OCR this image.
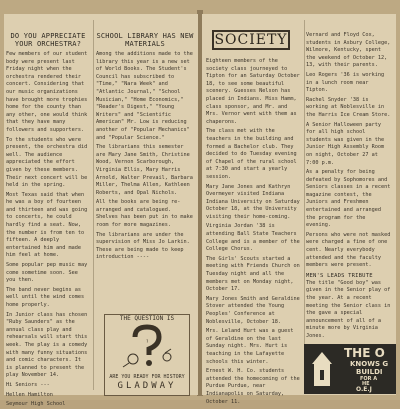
DO YOU APPRECIATE YOUR ORCHESTRA?

Few members of our student body were present last Friday night when the orchestra rendered their concert. Considering that our music organizations have brought more trophies home for the county than any other, one would think that they have many followers and supporters.

To the students who were present, the orchestra did well. The audience appreciated the effort given by these members. Their next concert will be held in the spring.

Most Texas said that when he was a boy of fourteen and thirteen and was going to concerts, he could hardly find a seat. Now, the number is from ten to fifteen. A deeply entertained him and made him feel at home.

Some popular pep music may come sometime soon. See you then.

The band never begins as well until the wind comes home properly.

In Junior class has chosen "Ruby Saunders" as the annual class play and rehearsals will start this week. The play is a comedy with many funny situations and comic characters. It is planned to present the play November 14.

Hi Seniors ---

Hellen Hamilton

Seymour High School

SCHOOL LIBRARY HAS NEW MATERIALS

Among the additions made to the library this year is a new set of World Books. The Student's Council has subscribed to "Time," "Nara Week" and "Atlantic Journal," "School Musician," "Home Economics," "Reader's Digest," "Young Writers" and "Scientific American" Mr. Low is reducing another of "Popular Mechanics" and "Popular Science."

The librarians this semester are Mary Jane Smith, Christine Wood, Vernon Scarborough, Virginia Ellis, Mary Harris Arnold, Walter Prevail, Barbara Miller, Thelma Allen, Kathleen Roberts, and Opal Nichols.

All the books are being re-arranged and catalogued. Shelves has been put in to make room for more magazines.

The librarians are under the supervision of Miss Jo Larkin. These are being made to keep introduction ----

THE QUESTION IS
?
ARE YOU READY FOR HISTORY
GLADWAY
SOCIETY

Eighteen members of the society class journeyed to Tipton for an Saturday October 18, to see some beautiful scenery. Guesses Nelson has placed in Indians. Miss Hamm, class sponsor, and Mr. and Mrs. Vernor went with them as chaperons.

The class met with the teachers in the building and formed a Bachelor club. They decided to do Tuesday evening of Chapel of the rural school at 7:30 and start a yearly session.

Mary Jane Jones and Kathryn Overmeyer visited Indiana Indiana University on Saturday October 18, at the University visiting their home-coming.

Virginia Jordan '38 is attending Ball State Teachers College and is a member of the College Chorus.

The Girls' Scouts started a meeting with Friends Church on Tuesday night and all the members met on Monday night, October 17.

Mary Jones Smith and Geraldine Stover attended the Young Peoples' Conference at Noblesville, October 18.

Mrs. Leland Hurt was a guest of Geraldine on the last Sunday night. Mrs. Hurt is teaching in the Lafayette schools this winter.

Ernest W. H. Co. students attended the homecoming of the Purdue Purdue, near Indianapolis on Saturday, October 11.

Vernard and Floyd Cox, students in Asbury College, Wilmore, Kentucky, spent the weekend of October 12, 13, with their parents.

Leo Rogers '36 is working in a lunch room near Tipton.

Rachel Snyder '38 is working at Noblesville in the Harris Ice Cream Store.

A Senior Halloween party for all high school students was given in the Junior High Assembly Room on night, October 27 at 7:00 p.m.

As a penalty for being defeated by Sophomores and Seniors classes in a recent magazine contest, the Juniors and Freshmen entertained and arranged the program for the evening.

Persons who were not masked were charged a fine of one cent. Nearly everybody attended and the faculty members were present.

MEN'S LEADS TRIBUTE

The title "Good boy" was given in the Senior play of the year. At a recent meeting the Senior class in the gave a special announcement of all of a minute more by Virginia Jones.

THE O
KNOWS G
BUILDI
FOR A
HE
O.E.J
